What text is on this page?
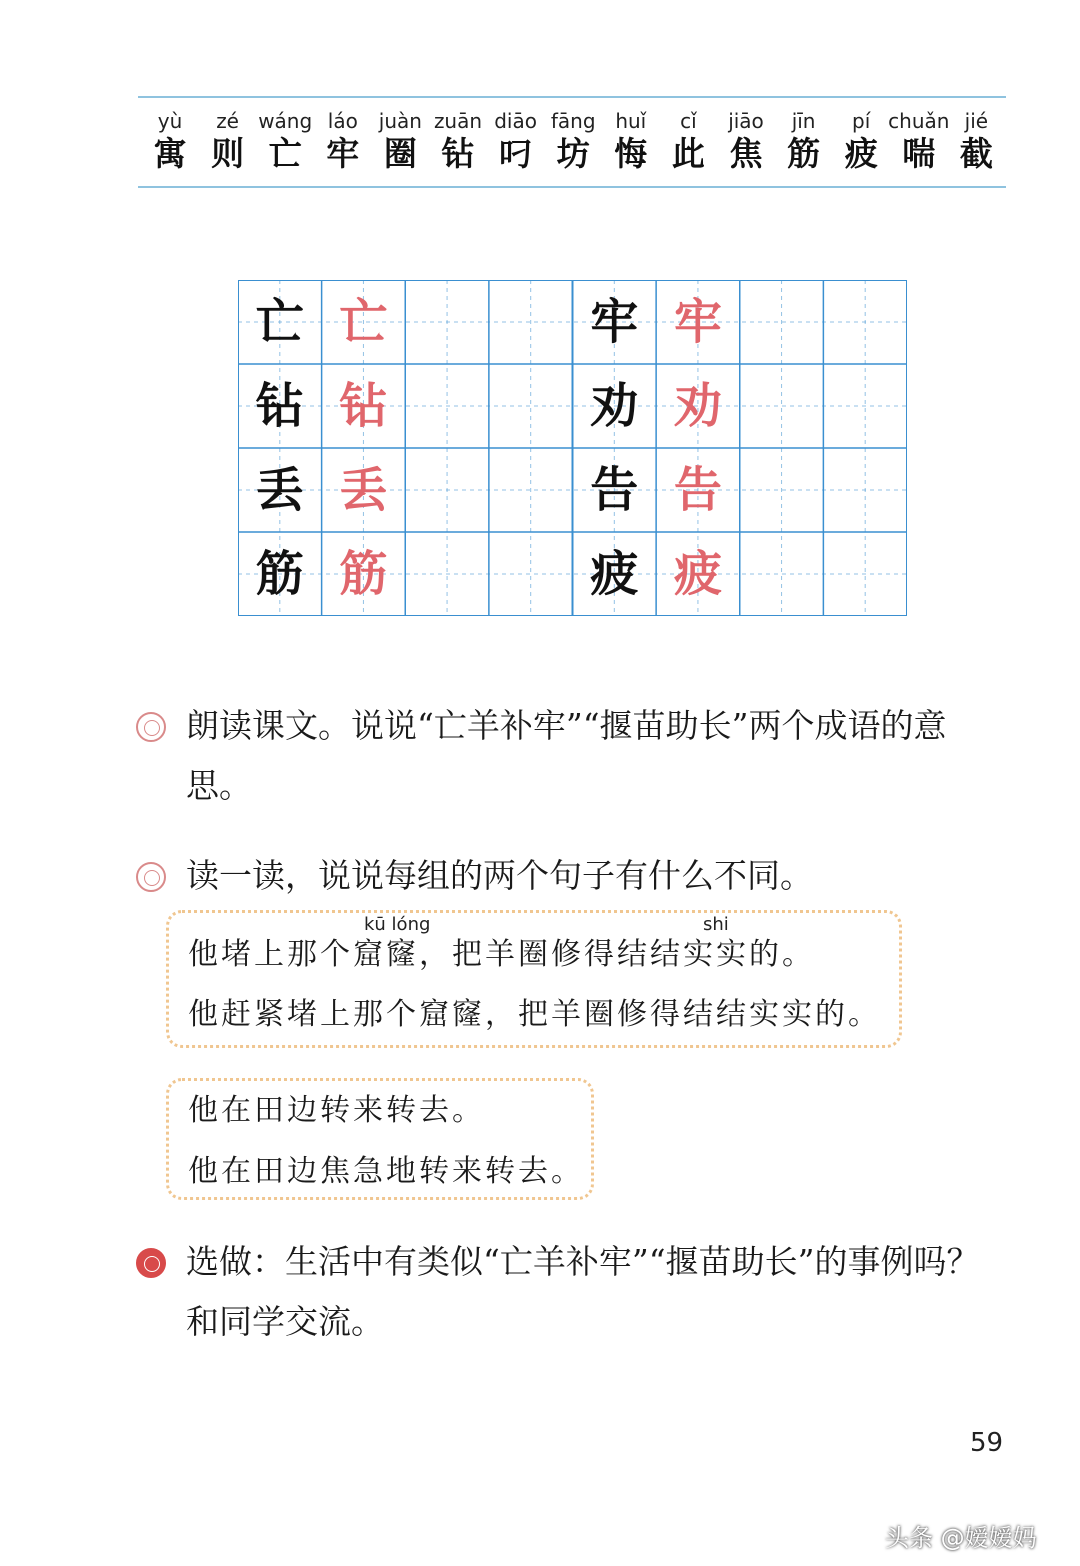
yù
寓
zé
则
wáng
亡
láo
牢
juàn
圈
zuān
钻
diāo
叼
fāng
坊
huǐ
悔
cǐ
此
jiāo
焦
jīn
筋
pí
疲
chuǎn
喘
jié
截
亡 亡
钻 钻
丢 丢
筋 筋
牢 牢
劝 劝
告 告
疲 疲
朗读课文。说说“亡羊补牢”“揠苗助长”两个成语的意思。
读一读，说说每组的两个句子有什么不同。
kū lóng	shi
他堵上那个窟窿，把羊圈修得结结实实的。
他赶紧堵上那个窟窿，把羊圈修得结结实实的。
他在田边转来转去。
他在田边焦急地转来转去。
选做：生活中有类似“亡羊补牢”“揠苗助长”的事例吗？和同学交流。
59
头条 @嫒嫒妈
